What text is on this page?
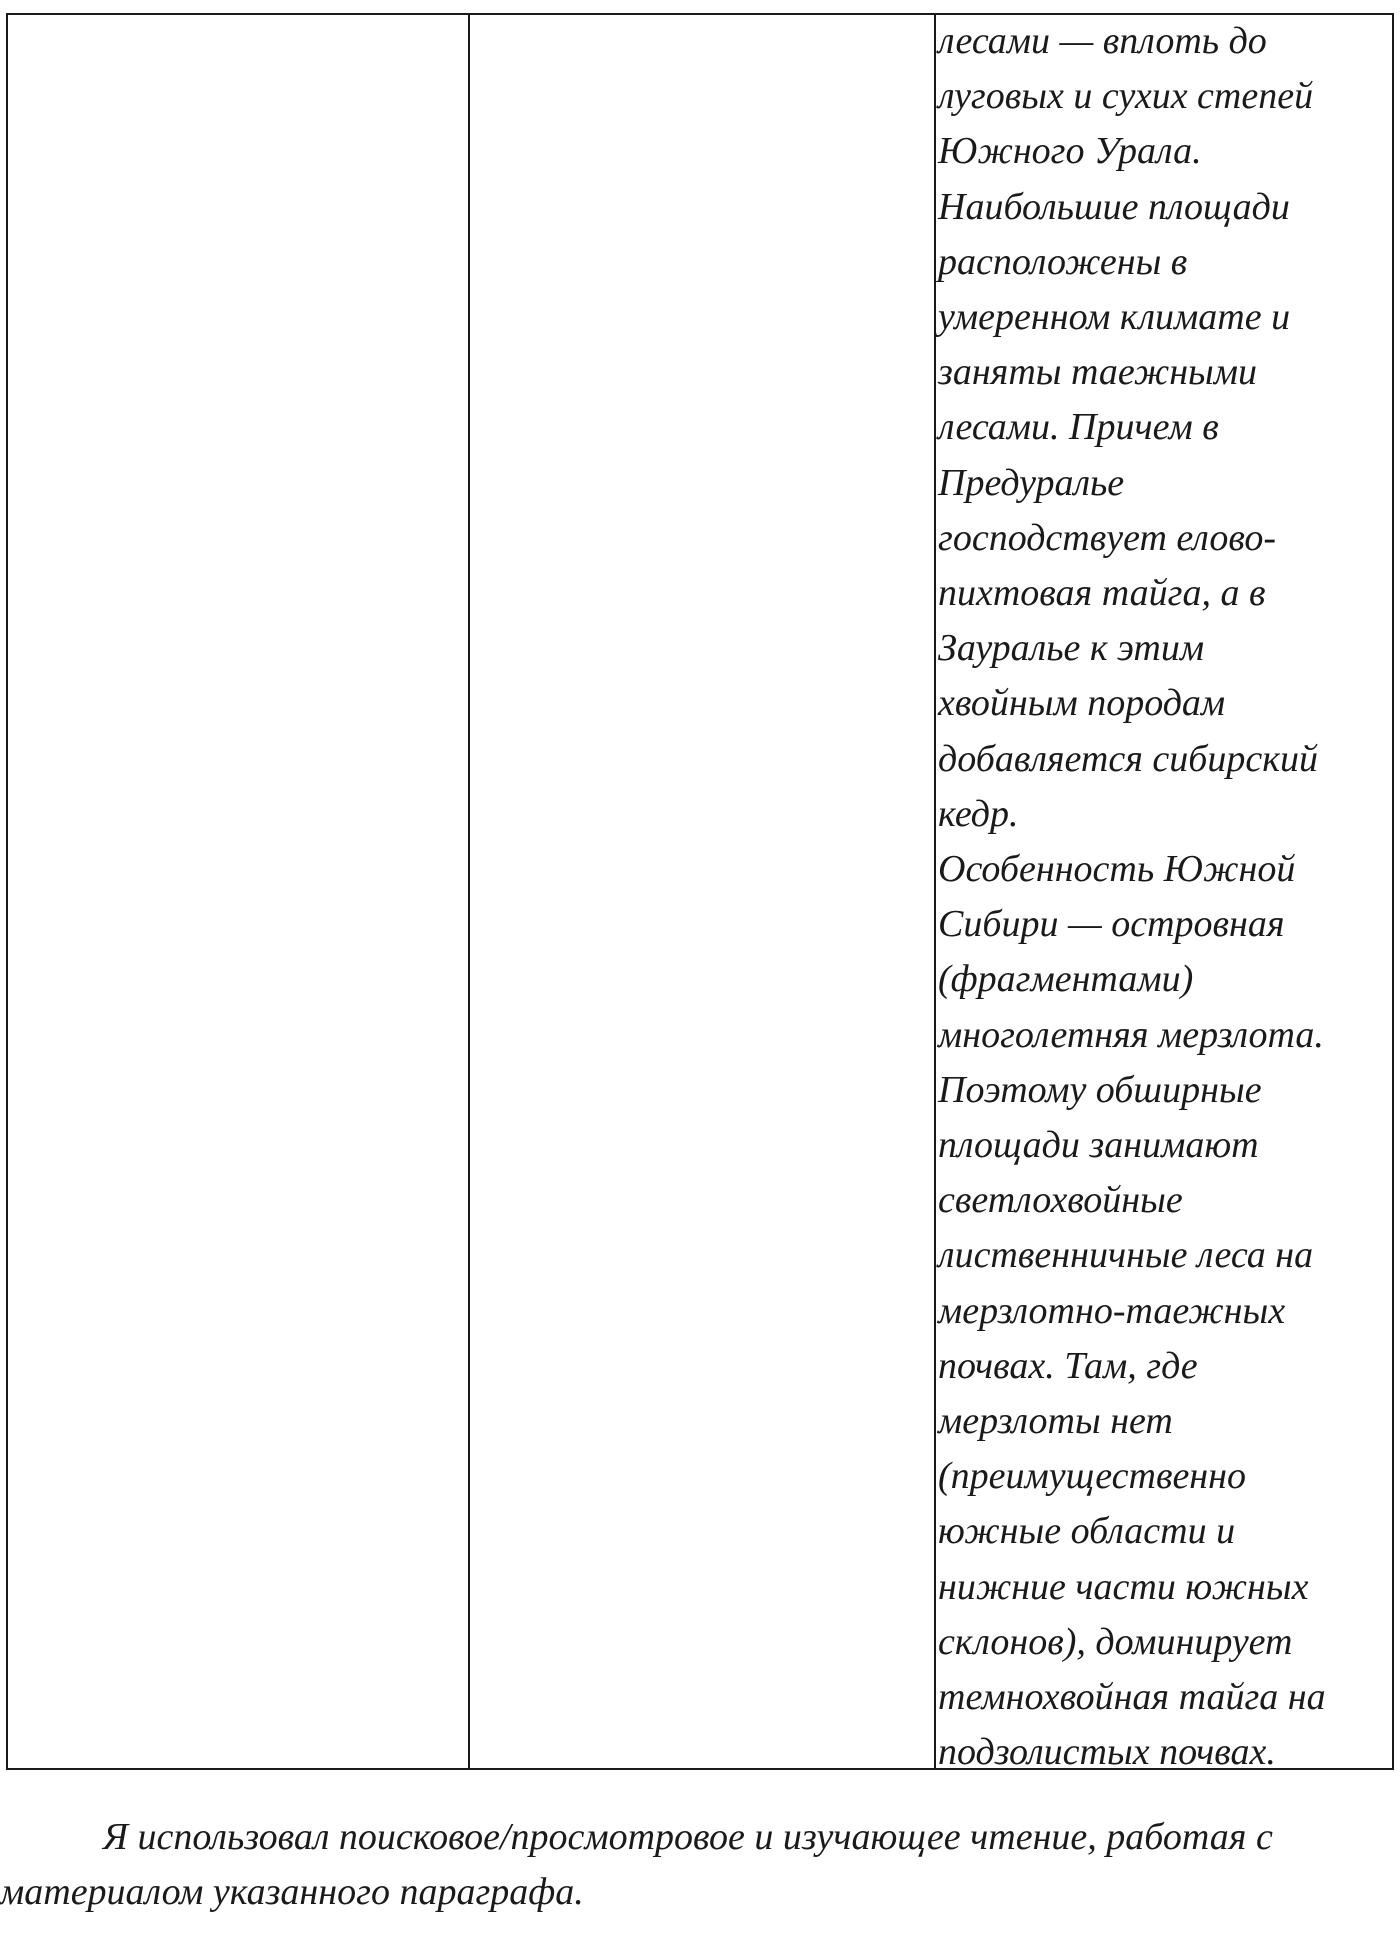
лесами — вплоть до
луговых и сухих степей
Южного Урала.
Наибольшие площади
расположены в
умеренном климате и
заняты таежными
лесами. Причем в
Предуралье
господствует елово-
пихтовая тайга, а в
Зауралье к этим
хвойным породам
добавляется сибирский
кедр.
Особенность Южной
Сибири — островная
(фрагментами)
многолетняя мерзлота.
Поэтому обширные
площади занимают
светлохвойные
лиственничные леса на
мерзлотно-таежных
почвах. Там, где
мерзлоты нет
(преимущественно
южные области и
нижние части южных
склонов), доминирует
темнохвойная тайга на
подзолистых почвах.

Я использовал поисковое/просмотровое и изучающее чтение, работая с
материалом указанного параграфа.
